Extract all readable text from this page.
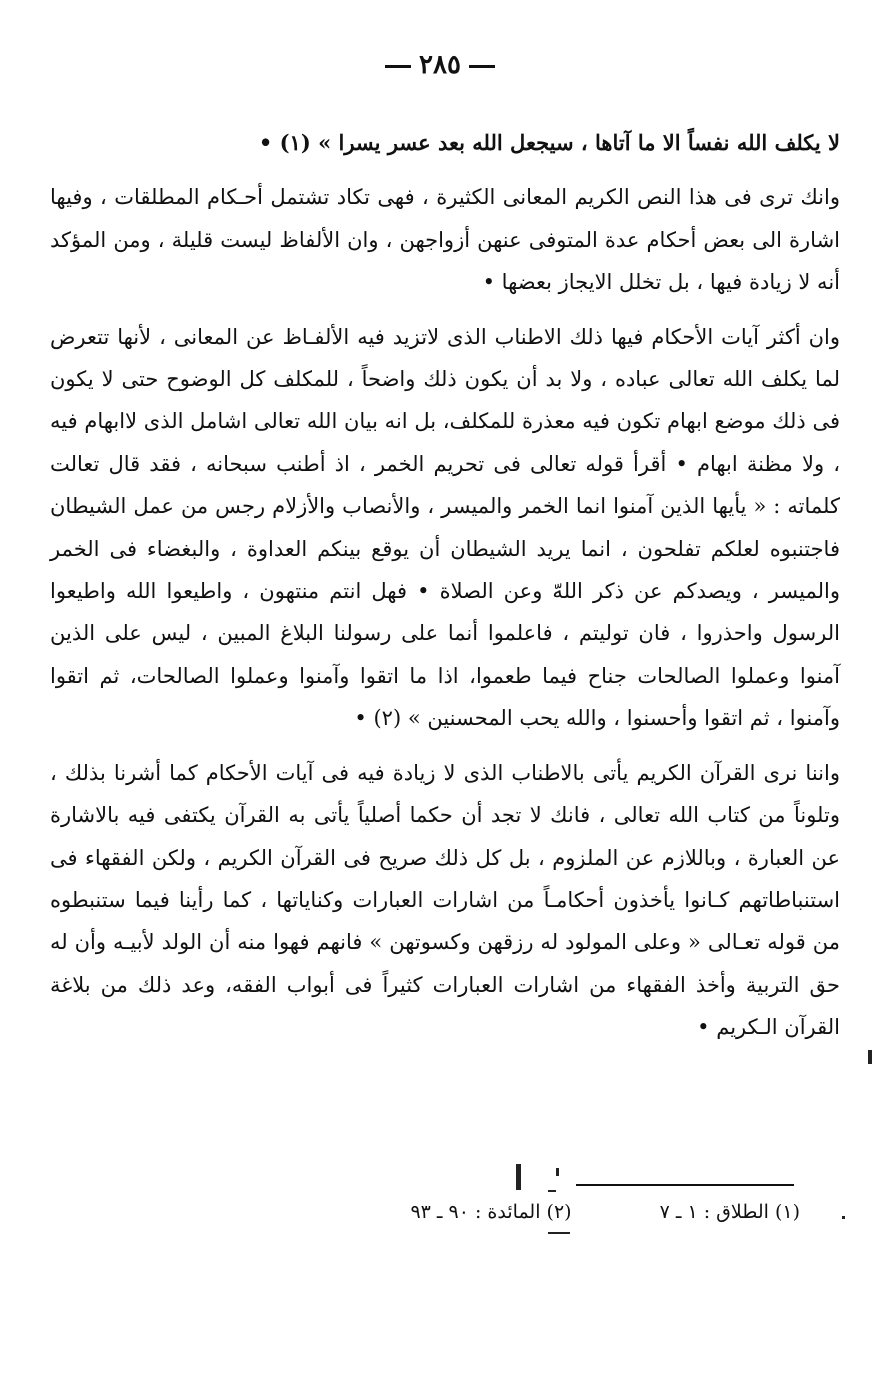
٢٨٥

لا يكلف الله نفساً الا ما آتاها ، سيجعل الله بعد عسر يسرا » (١) •

وانك ترى فى هذا النص الكريم المعانى الكثيرة ، فهى تكاد تشتمل أحـكام المطلقات ، وفيها اشارة الى بعض أحكام عدة المتوفى عنهن أزواجهن ، وان الألفاظ ليست قليلة ، ومن المؤكد أنه لا زيادة فيها ، بل تخلل الايجاز بعضها •

وان أكثر آيات الأحكام فيها ذلك الاطناب الذى لاتزيد فيه الألفـاظ عن المعانى ، لأنها تتعرض لما يكلف الله تعالى عباده ، ولا بد أن يكون ذلك واضحاً ، للمكلف كل الوضوح حتى لا يكون فى ذلك موضع ابهام تكون فيه معذرة للمكلف، بل انه بيان الله تعالى اشامل الذى لاابهام فيه ، ولا مظنة ابهام • أقرأ قوله تعالى فى تحريم الخمر ، اذ أطنب سبحانه ، فقد قال تعالت كلماته : « يأيها الذين آمنوا انما الخمر والميسر ، والأنصاب والأزلام رجس من عمل الشيطان فاجتنبوه لعلكم تفلحون ، انما يريد الشيطان أن يوقع بينكم العداوة ، والبغضاء فى الخمر والميسر ، ويصدكم عن ذكر اللهّ وعن الصلاة • فهل انتم منتهون ، واطيعوا الله واطيعوا الرسول واحذروا ، فان توليتم ، فاعلموا أنما على رسولنا البلاغ المبين ، ليس على الذين آمنوا وعملوا الصالحات جناح فيما طعموا، اذا ما اتقوا وآمنوا وعملوا الصالحات، ثم اتقوا وآمنوا ، ثم اتقوا وأحسنوا ، والله يحب المحسنين » (٢) •

واننا نرى القرآن الكريم يأتى بالاطناب الذى لا زيادة فيه فى آيات الأحكام كما أشرنا بذلك ، وتلوناً من كتاب الله تعالى ، فانك لا تجد أن حكما أصلياً يأتى به القرآن يكتفى فيه بالاشارة عن العبارة ، وباللازم عن الملزوم ، بل كل ذلك صريح فى القرآن الكريم ، ولكن الفقهاء فى استنباطاتهم كـانوا يأخذون أحكامـاً من اشارات العبارات وكناياتها ، كما رأينا فيما ستنبطوه من قوله تعـالى « وعلى المولود له رزقهن وكسوتهن » فانهم فهوا منه أن الولد لأبيـه وأن له حق التربية وأخذ الفقهاء من اشارات العبارات كثيراً فى أبواب الفقه، وعد ذلك من بلاغة القرآن الـكريم •

(١) الطلاق : ١ ـ ٧(٢) المائدة : ٩٠ ـ ٩٣
